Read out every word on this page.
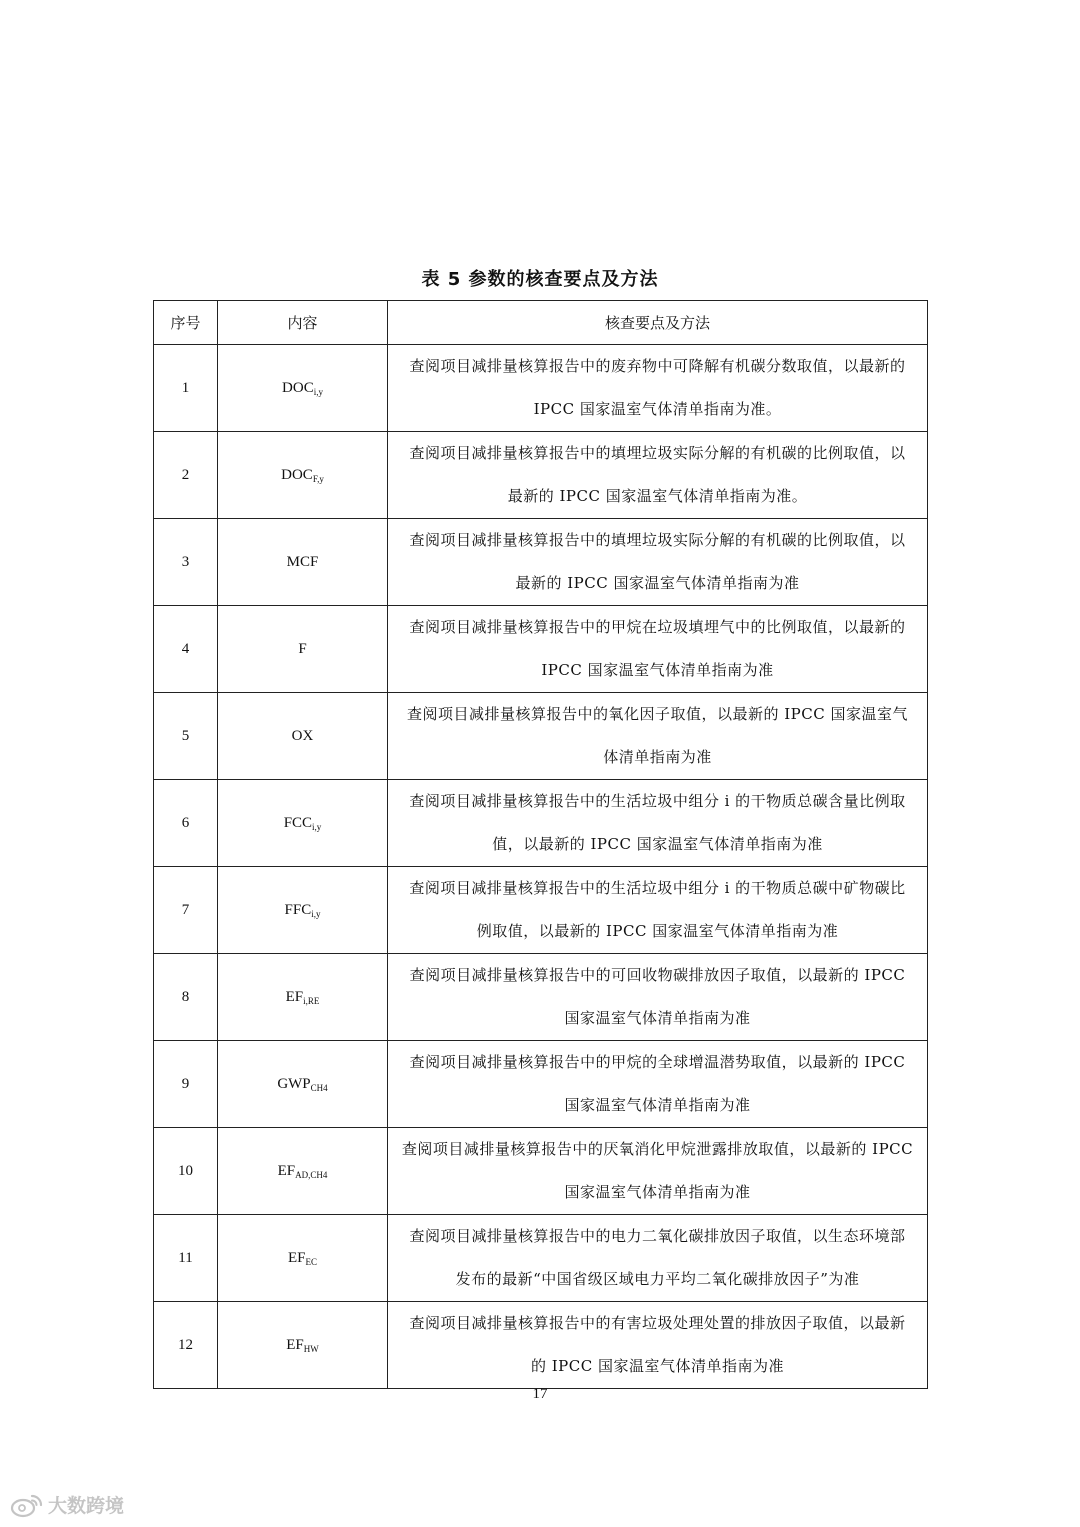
表 5 参数的核查要点及方法
序号	内容	核查要点及方法
1	$DOC_{i,y}$	查阅项目减排量核算报告中的废弃物中可降解有机碳分数取值，以最新的
IPCC 国家温室气体清单指南为准。

2	$DOC_{F,y}$	查阅项目减排量核算报告中的填埋垃圾实际分解的有机碳的比例取值，以
最新的 IPCC 国家温室气体清单指南为准。

3	MCF	查阅项目减排量核算报告中的填埋垃圾实际分解的有机碳的比例取值，以
最新的 IPCC 国家温室气体清单指南为准

4	F	查阅项目减排量核算报告中的甲烷在垃圾填埋气中的比例取值，以最新的
IPCC 国家温室气体清单指南为准

5	OX	查阅项目减排量核算报告中的氧化因子取值，以最新的 IPCC 国家温室气
体清单指南为准

6	$FCC_{i,y}$	查阅项目减排量核算报告中的生活垃圾中组分 i 的干物质总碳含量比例取
值，以最新的 IPCC 国家温室气体清单指南为准

7	$FFC_{i,y}$	查阅项目减排量核算报告中的生活垃圾中组分 i 的干物质总碳中矿物碳比
例取值，以最新的 IPCC 国家温室气体清单指南为准

8	$EF_{i,RE}$	查阅项目减排量核算报告中的可回收物碳排放因子取值，以最新的 IPCC
国家温室气体清单指南为准

9	$GWP_{CH4}$	查阅项目减排量核算报告中的甲烷的全球增温潜势取值，以最新的 IPCC
国家温室气体清单指南为准

10	$EF_{AD,CH4}$	查阅项目减排量核算报告中的厌氧消化甲烷泄露排放取值，以最新的 IPCC
国家温室气体清单指南为准

11	$EF_{EC}$	查阅项目减排量核算报告中的电力二氧化碳排放因子取值，以生态环境部
发布的最新“中国省级区域电力平均二氧化碳排放因子”为准

12	$EF_{HW}$	查阅项目减排量核算报告中的有害垃圾处理处置的排放因子取值，以最新
的 IPCC 国家温室气体清单指南为准
17
大数跨境
